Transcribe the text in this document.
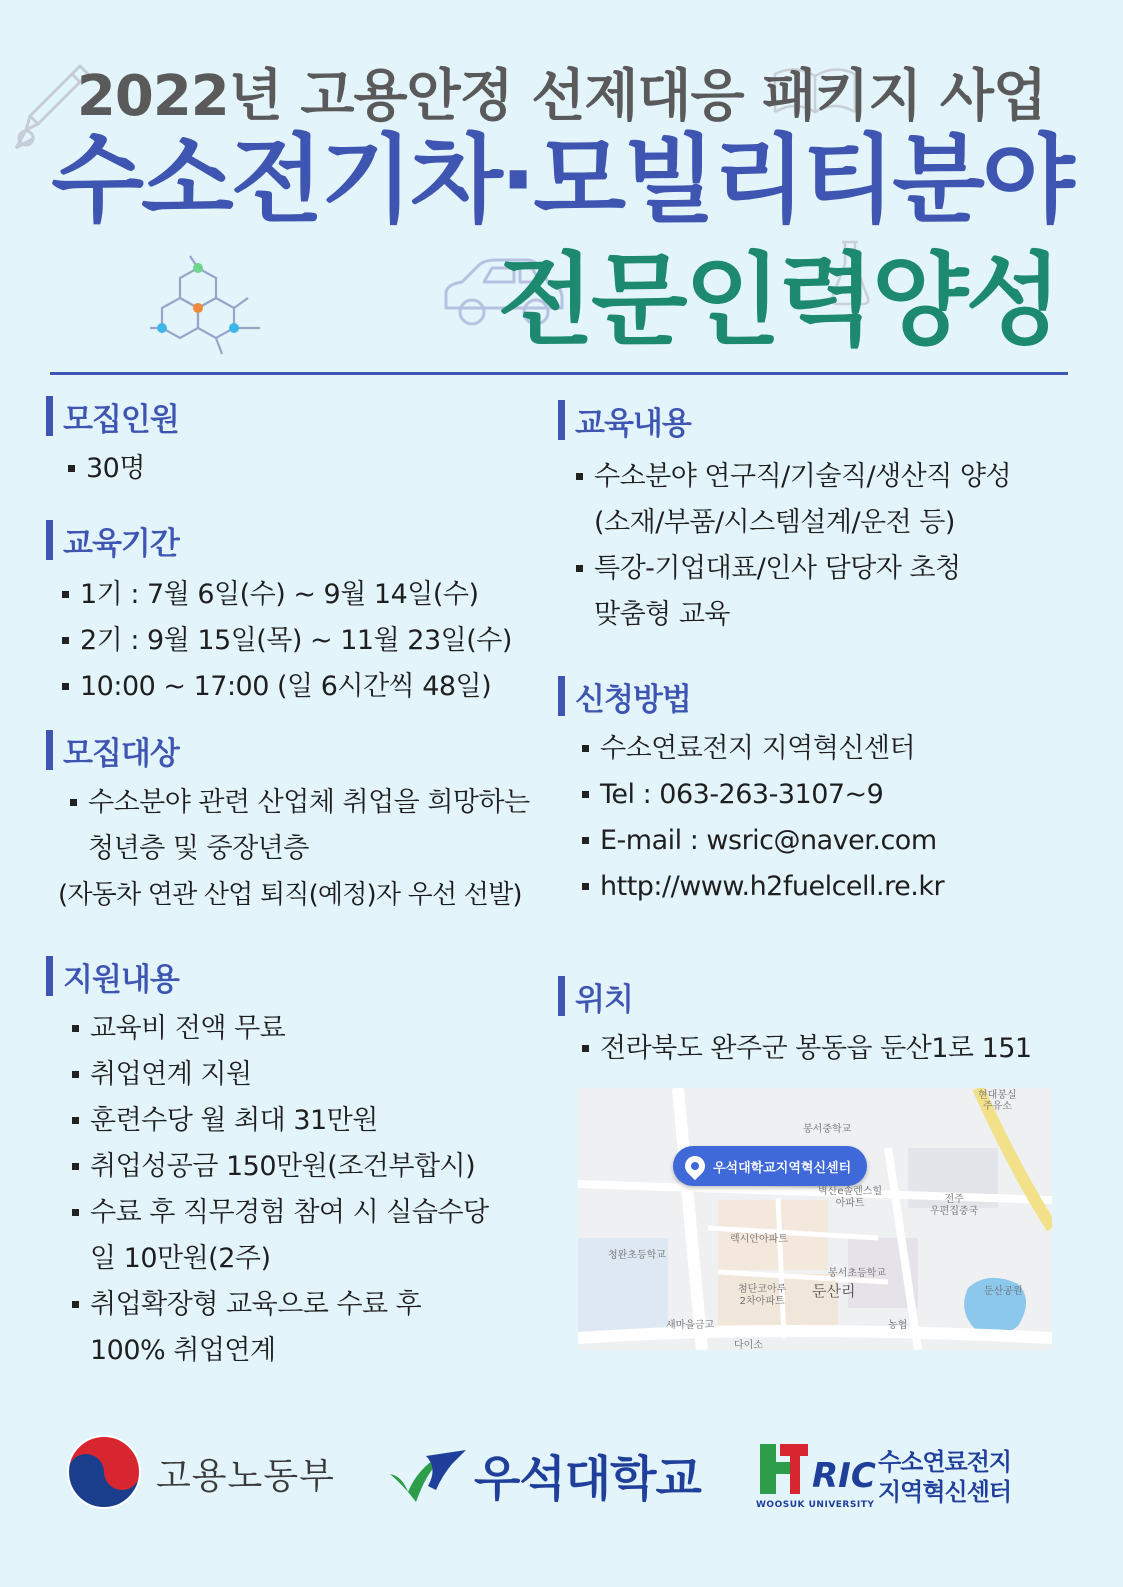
2022년 고용안정 선제대응 패키지 사업
수소전기차·모빌리티분야
전문인력양성
모집인원
30명
교육기간
1기 : 7월 6일(수) ~ 9월 14일(수)
2기 : 9월 15일(목) ~ 11월 23일(수)
10:00 ~ 17:00 (일 6시간씩 48일)
모집대상
수소분야 관련 산업체 취업을 희망하는
청년층 및 중장년층
(자동차 연관 산업 퇴직(예정)자 우선 선발)
지원내용
교육비 전액 무료
취업연계 지원
훈련수당 월 최대 31만원
취업성공금 150만원(조건부합시)
수료 후 직무경험 참여 시 실습수당
일 10만원(2주)
취업확장형 교육으로 수료 후
100% 취업연계
교육내용
수소분야 연구직/기술직/생산직 양성
(소재/부품/시스템설계/운전 등)
특강-기업대표/인사 담당자 초청
맞춤형 교육
신청방법
수소연료전지 지역혁신센터
Tel : 063-263-3107~9
E-mail : wsric@naver.com
http://www.h2fuelcell.re.kr
위치
전라북도 완주군 봉동읍 둔산1로 151
우석대학교지역혁신센터
현대봉실
주유소
봉서중학교
벽산e솔렌스힐
아파트	전주
우편집중국
렉시안아파트
청완초등학교
봉서초등학교
첨단코아루
2차아파트
둔산리	둔산공원
새마을금고
다이소
농협
고용노동부	우석대학교	RIC
WOOSUK UNIVERSITY
수소연료전지
지역혁신센터
